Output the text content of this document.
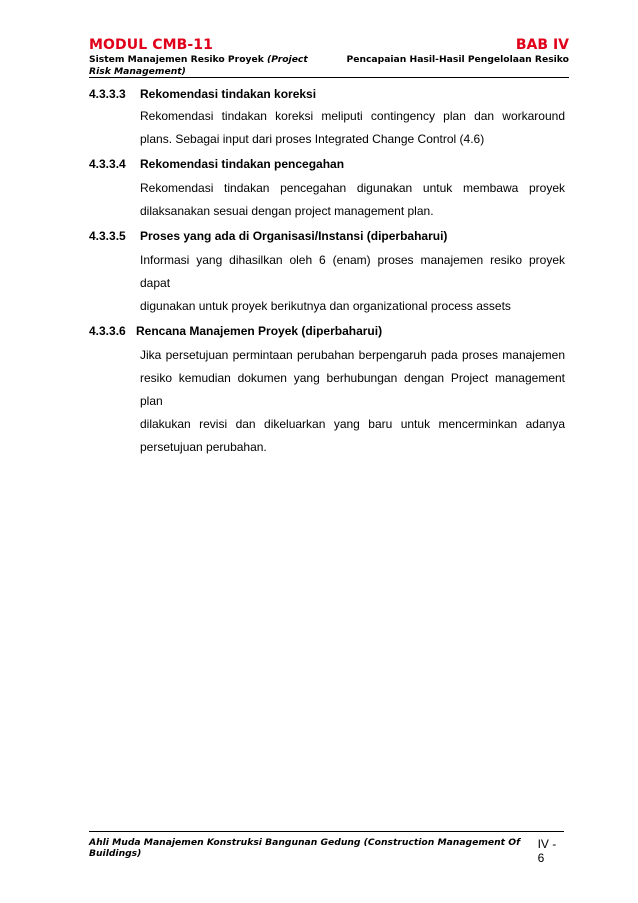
MODUL CMB-11	BAB IV
Sistem Manajemen Resiko Proyek (Project Risk Management)
Pencapaian Hasil-Hasil Pengelolaan Resiko
4.3.3.3	Rekomendasi tindakan koreksi
Rekomendasi tindakan koreksi meliputi contingency plan dan workaround
plans. Sebagai input dari proses Integrated Change Control (4.6)
4.3.3.4	Rekomendasi tindakan pencegahan
Rekomendasi tindakan pencegahan digunakan untuk membawa proyek
dilaksanakan sesuai dengan project management plan.
4.3.3.5	Proses yang ada di Organisasi/Instansi (diperbaharui)
Informasi yang dihasilkan oleh 6 (enam) proses manajemen resiko proyek dapat
digunakan untuk proyek berikutnya dan organizational process assets
4.3.3.6 Rencana Manajemen Proyek (diperbaharui)
Jika persetujuan permintaan perubahan berpengaruh pada proses manajemen
resiko kemudian dokumen yang berhubungan dengan Project management plan
dilakukan revisi dan dikeluarkan yang baru untuk mencerminkan adanya
persetujuan perubahan.
Ahli Muda Manajemen Konstruksi Bangunan Gedung (Construction Management Of Buildings)
IV - 6
